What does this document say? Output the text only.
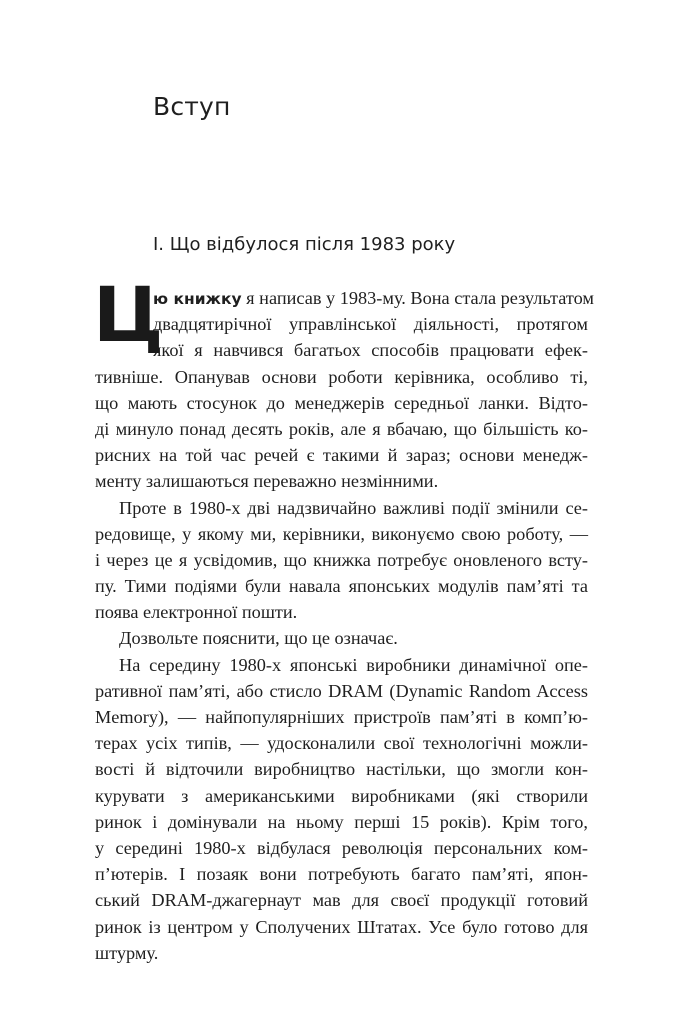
Вступ
I. Що відбулося після 1983 року
Ц
ю книжку я написав у 1983-му. Вона стала результатом
двадцятирічної управлінської діяльності, протягом
якої я навчився багатьох способів працювати ефек-
тивніше. Опанував основи роботи керівника, особливо ті,
що мають стосунок до менеджерів середньої ланки. Відто-
ді минуло понад десять років, але я вбачаю, що більшість ко-
рисних на той час речей є такими й зараз; основи менедж-
менту залишаються переважно незмінними.
Проте в 1980-х дві надзвичайно важливі події змінили се-
редовище, у якому ми, керівники, виконуємо свою роботу, —
і через це я усвідомив, що книжка потребує оновленого всту-
пу. Тими подіями були навала японських модулів пам’яті та
поява електронної пошти.
Дозвольте пояснити, що це означає.
На середину 1980-х японські виробники динамічної опе-
ративної пам’яті, або стисло DRAM (Dynamic Random Access
Memory), — найпопулярніших пристроїв пам’яті в комп’ю-
терах усіх типів, — удосконалили свої технологічні можли-
вості й відточили виробництво настільки, що змогли кон-
курувати з американськими виробниками (які створили
ринок і домінували на ньому перші 15 років). Крім того,
у середині 1980-х відбулася революція персональних ком-
п’ютерів. І позаяк вони потребують багато пам’яті, япон-
ський DRAM-джагернаут мав для своєї продукції готовий
ринок із центром у Сполучених Штатах. Усе було готово для
штурму.
